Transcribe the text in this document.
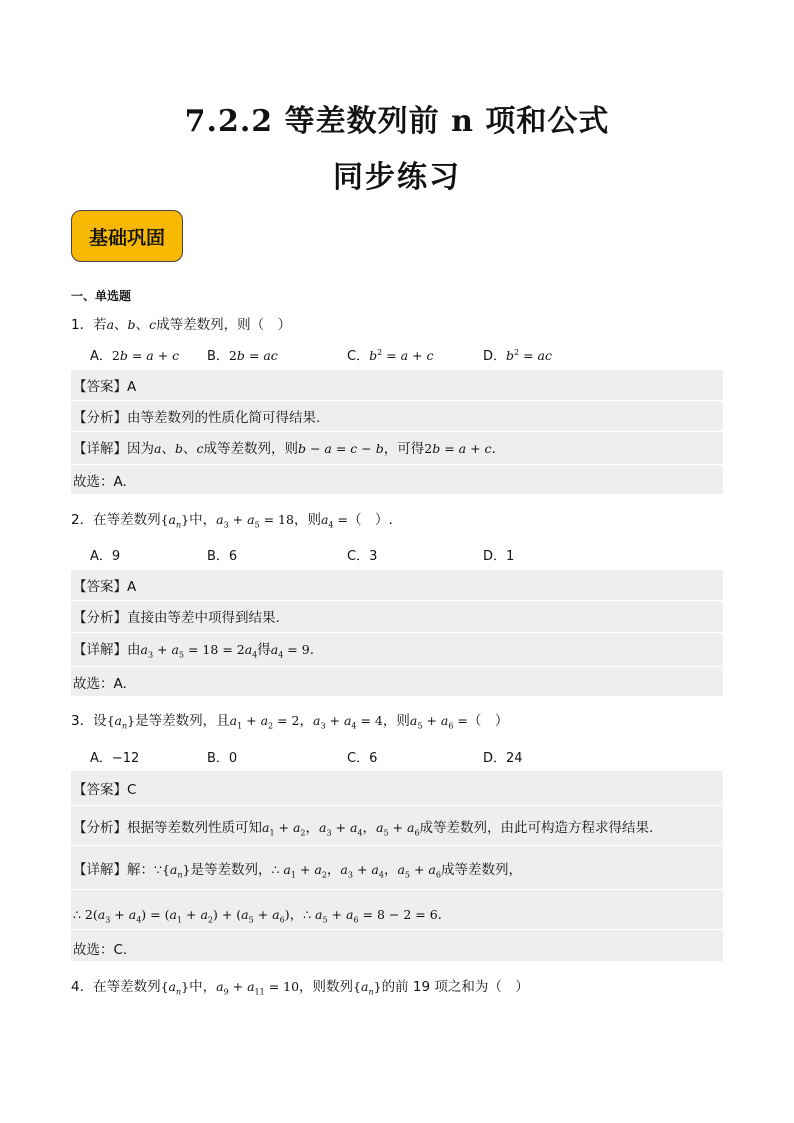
7.2.2 等差数列前 n 项和公式
同步练习
基础巩固
一、单选题
1．若a、b、c成等差数列，则（　）
A．2b = a + c B．2b = ac	C．$b^2 = a + c$	D．$b^2$ = ac
【答案】A
【分析】由等差数列的性质化简可得结果.
【详解】因为a、b、c成等差数列，则b − a = c − b，可得2b = a + c.
故选：A.
2．在等差数列$\{a_n\}$中，$a_3 + a_5 = 18$，则$a_4$ =（　）.
A．9	B．6	C．3	D．1
【答案】A
【分析】直接由等差中项得到结果.
【详解】由$a_3 + a_5 = 18 = 2a_4$得$a_4 = 9$.
故选：A.
3．设$\{a_n\}$是等差数列，且$a_1 + a_2 = 2$，$a_3 + a_4 = 4$，则$a_5 + a_6$ =（　）
A．−12	B．0	C．6	D．24
【答案】C
【分析】根据等差数列性质可知$a_1 + a_2$，$a_3 + a_4$，$a_5 + a_6$成等差数列，由此可构造方程求得结果.
【详解】解：$\because\{a_n\}$是等差数列，∴ $a_1 + a_2$，$a_3 + a_4$，$a_5 + a_6$成等差数列，
∴ $2(a_3 + a_4) = (a_1 + a_2) + (a_5 + a_6)$，∴ $a_5 + a_6 = 8 - 2 = 6$.
故选：C.
4．在等差数列$\{a_n\}$中，$a_9 + a_{11} = 10$，则数列$\{a_n\}$的前 19 项之和为（　）
